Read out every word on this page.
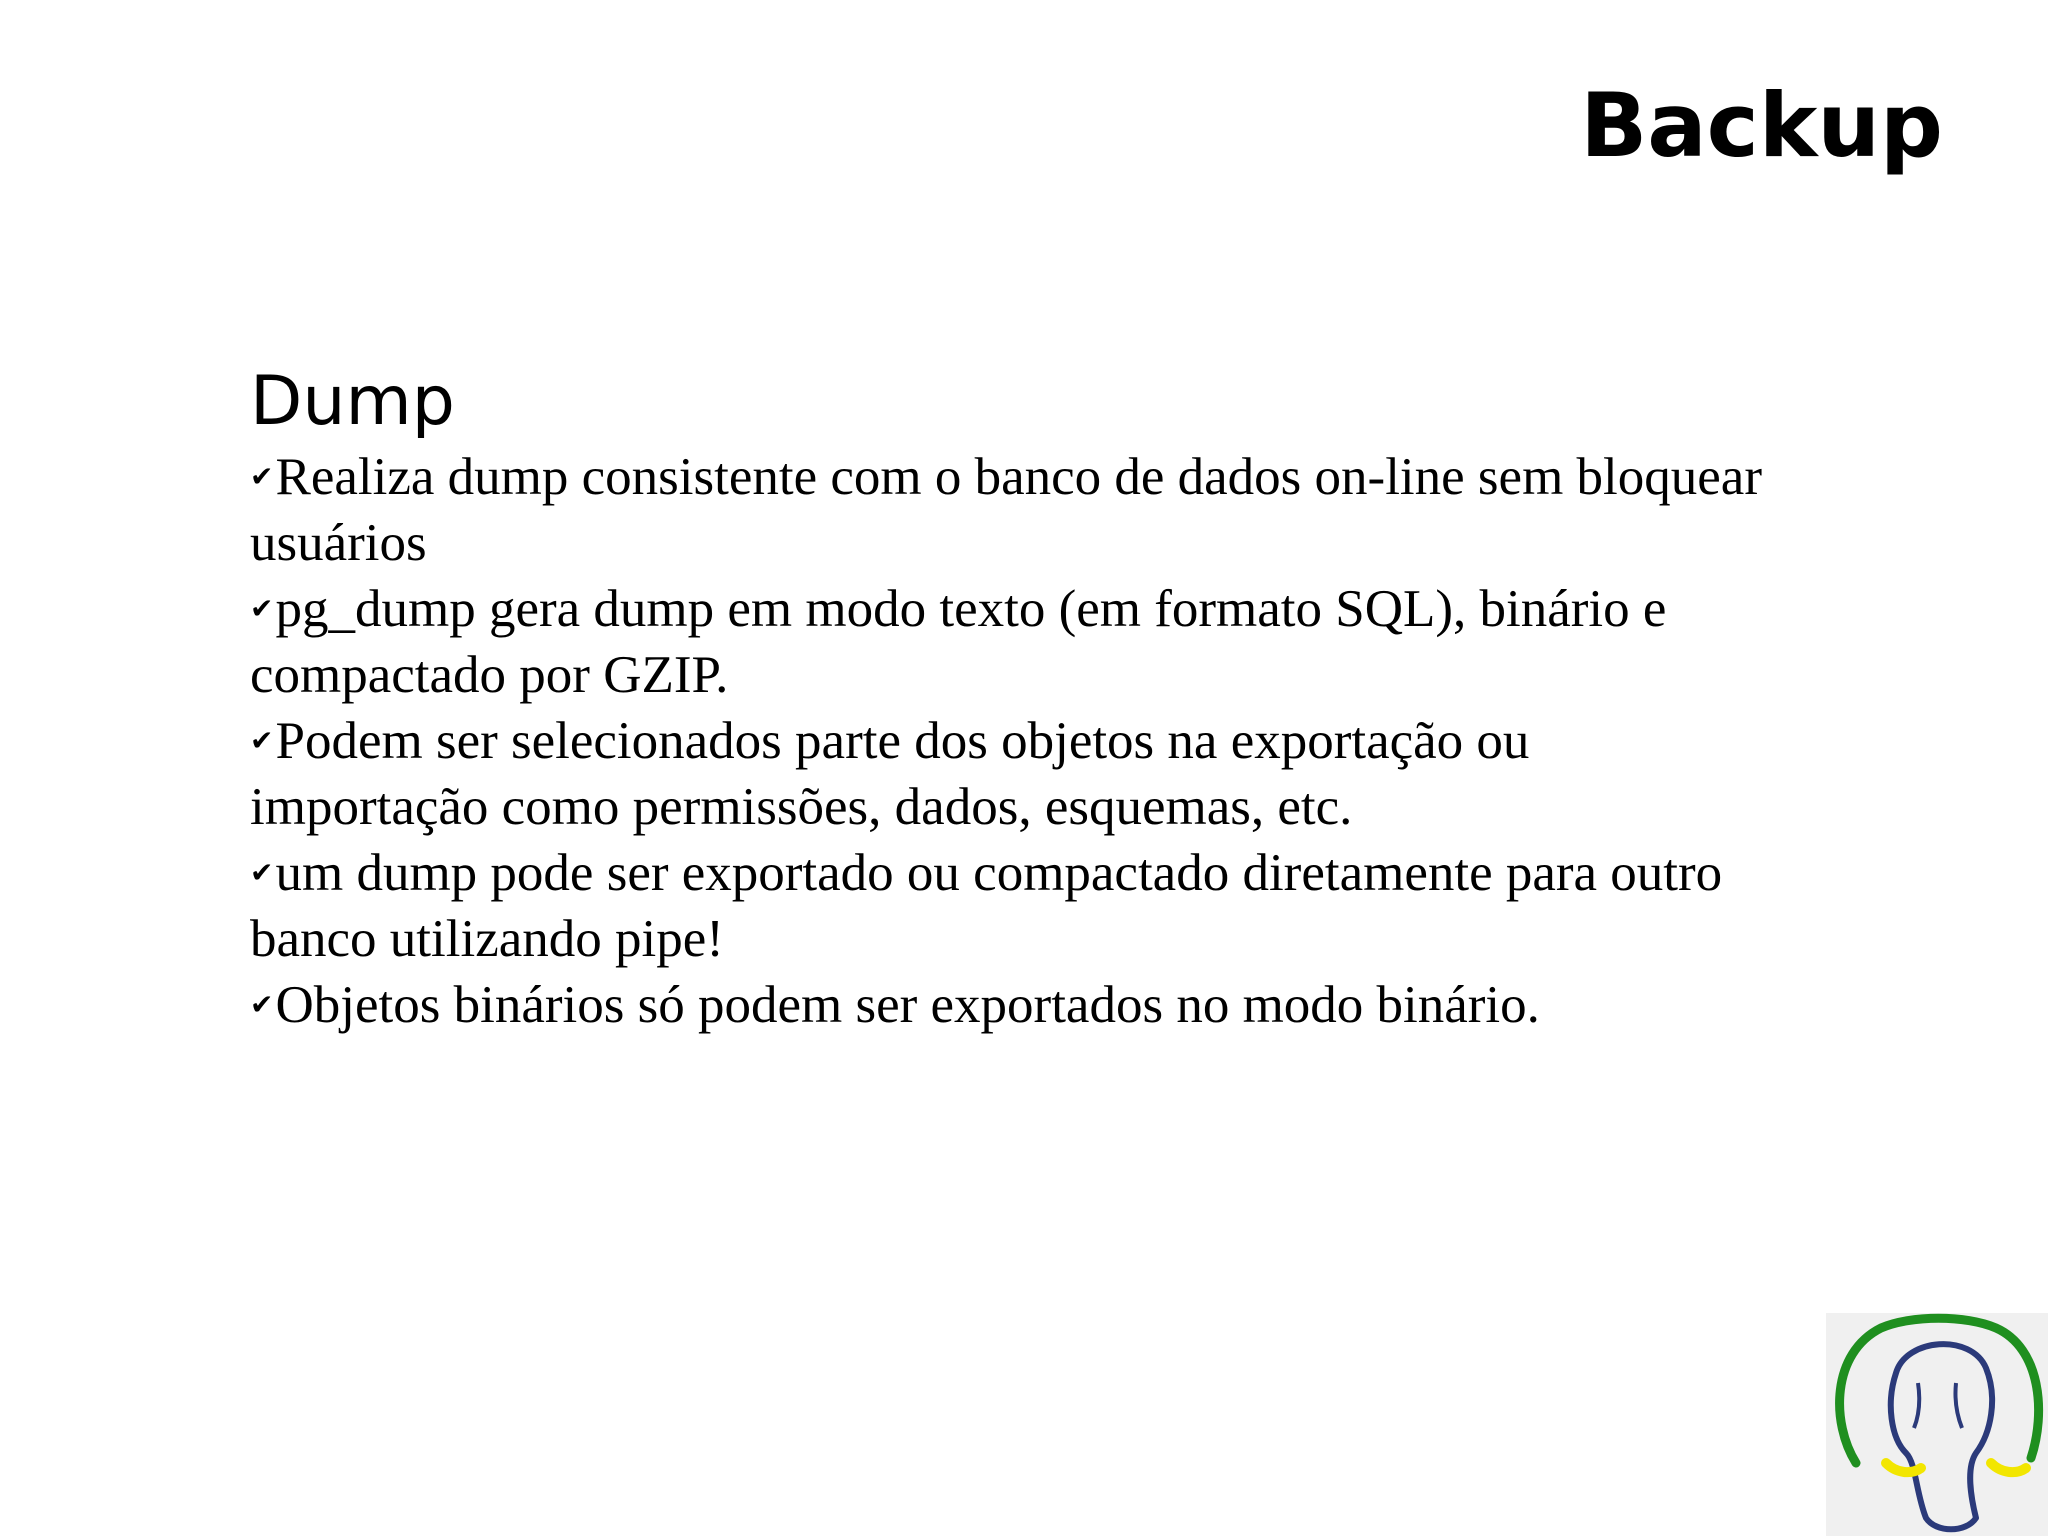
Backup
Dump
✔Realiza dump consistente com o banco de dados on-line sem bloquear usuários
✔pg_dump gera dump em modo texto (em formato SQL), binário e compactado por GZIP.
✔Podem ser selecionados parte dos objetos na exportação ou importação como permissões, dados, esquemas, etc.
✔um dump pode ser exportado ou compactado diretamente para outro banco utilizando pipe!
✔Objetos binários só podem ser exportados no modo binário.
